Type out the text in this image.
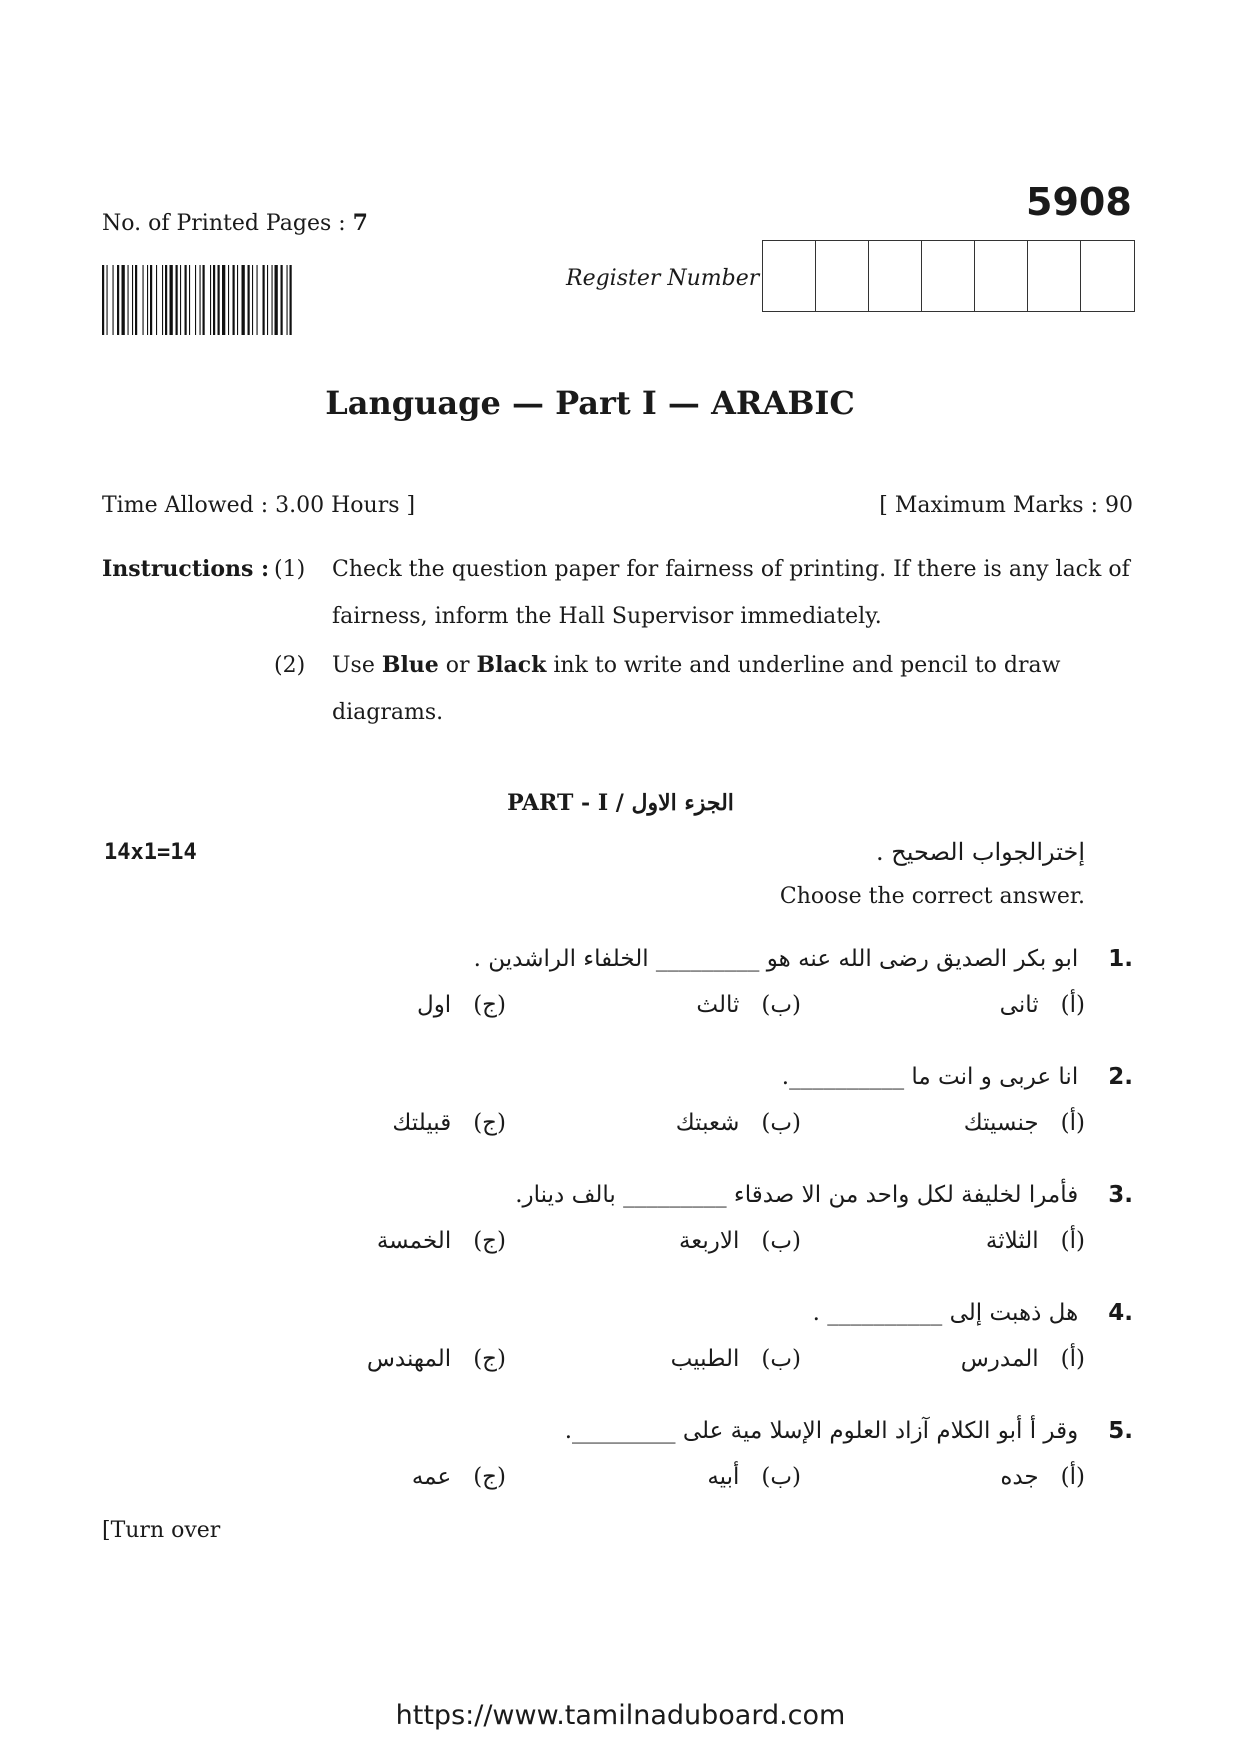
No. of Printed Pages : 7	5908
Register Number
Language — Part I — ARABIC
Time Allowed : 3.00 Hours ]	[ Maximum Marks : 90
Instructions : (1) Check the question paper for fairness of printing. If there is any lack of fairness, inform the Hall Supervisor immediately.
(2) Use Blue or Black ink to write and underline and pencil to draw diagrams.
PART - I / الجزء الاول
14x1=14	إخترالجواب الصحيح .
Choose the correct answer.
.1ابو بكر الصديق رضى الله عنه هو _________ الخلفاء الراشدين .
(أ)ثانى
(ب)ثالث
(ج)اول
.2انا عربى و انت ما __________.
(أ)جنسيتك
(ب)شعبتك
(ج)قبيلتك
.3فأمرا لخليفة لكل واحد من الا صدقاء _________ بالف دينار.
(أ)الثلاثة
(ب)الاربعة
(ج)الخمسة
.4هل ذهبت إلى __________ .
(أ)المدرس
(ب)الطبيب
(ج)المهندس
.5وقر أ أبو الكلام آزاد العلوم الإسلا مية على _________.
(أ)جده
(ب)أبيه
(ج)عمه
[Turn over
https://www.tamilnaduboard.com
